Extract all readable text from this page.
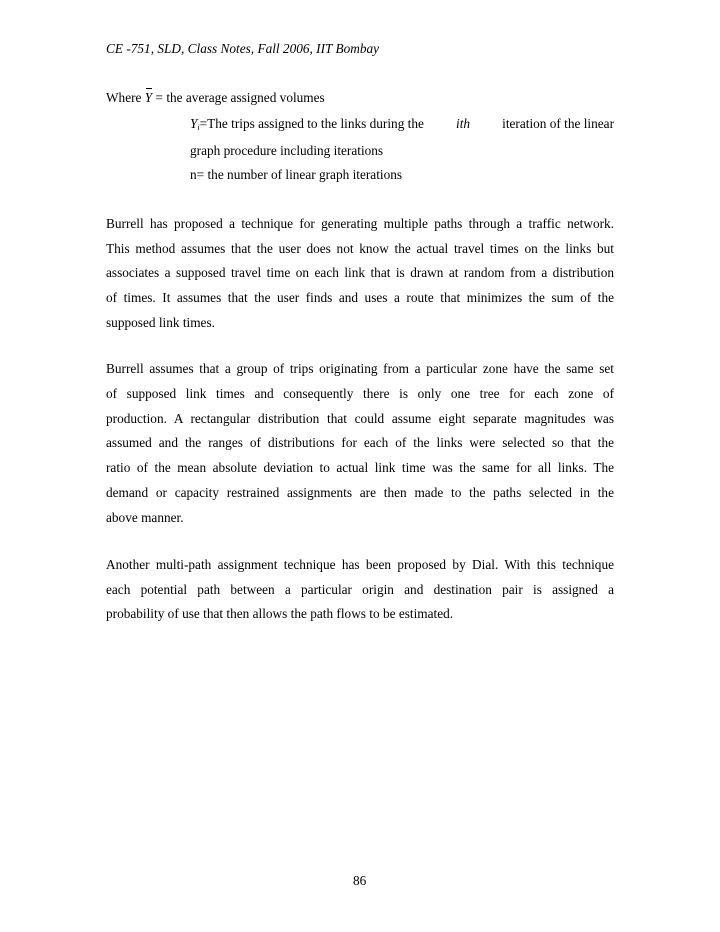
CE -751, SLD, Class Notes, Fall 2006, IIT Bombay
Where Y = the average assigned volumes
$Y_i=The$ trips assigned to the links during the ith iteration of the linear
graph procedure including iterations
n= the number of linear graph iterations
Burrell has proposed a technique for generating multiple paths through a traffic network.
This method assumes that the user does not know the actual travel times on the links but
associates a supposed travel time on each link that is drawn at random from a distribution
of times. It assumes that the user finds and uses a route that minimizes the sum of the
supposed link times.
Burrell assumes that a group of trips originating from a particular zone have the same set
of supposed link times and consequently there is only one tree for each zone of
production. A rectangular distribution that could assume eight separate magnitudes was
assumed and the ranges of distributions for each of the links were selected so that the
ratio of the mean absolute deviation to actual link time was the same for all links. The
demand or capacity restrained assignments are then made to the paths selected in the
above manner.
Another multi-path assignment technique has been proposed by Dial. With this technique
each potential path between a particular origin and destination pair is assigned a
probability of use that then allows the path flows to be estimated.
86
